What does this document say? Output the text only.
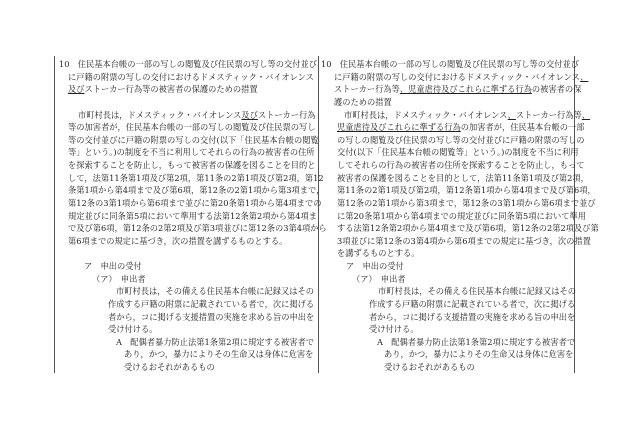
10　住民基本台帳の一部の写しの閲覧及び住民票の写し等の交付並び
に戸籍の附票の写しの交付におけるドメスティック・バイオレンス
及びストーカー行為等の被害者の保護のための措置
市町村長は，ドメスティック・バイオレンス及びストーカー行為
等の加害者が，住民基本台帳の一部の写しの閲覧及び住民票の写し
等の交付並びに戸籍の附票の写しの交付(以下「住民基本台帳の閲覧
等」という。)の制度を不当に利用してそれらの行為の被害者の住所
を探索することを防止し，もって被害者の保護を図ることを目的と
して，法第11条第1項及び第2項，第11条の2第1項及び第2項，第12
条第1項から第4項まで及び第6項，第12条の2第1項から第3項まで，
第12条の3第1項から第6項まで並びに第20条第1項から第4項までの
規定並びに同条第5項において準用する法第12条第2項から第4項ま
で及び第6項，第12条の2第2項及び第3項並びに第12条の3第4項から
第6項までの規定に基づき，次の措置を講ずるものとする。
ア　申出の受付
（ア）　申出者
市町村長は，その備える住民基本台帳に記録又はその
作成する戸籍の附票に記載されている者で，次に掲げる
者から，コに掲げる支援措置の実施を求める旨の申出を
受け付ける。
A　配偶者暴力防止法第1条第2項に規定する被害者で
あり，かつ，暴力によりその生命又は身体に危害を
受けるおそれがあるもの
10　住民基本台帳の一部の写しの閲覧及び住民票の写し等の交付並び
に戸籍の附票の写しの交付におけるドメスティック・バイオレンス、
ストーカー行為等、児童虐待及びこれらに準ずる行為の被害者の保
護のための措置
市町村長は，ドメスティック・バイオレンス、ストーカー行為等、
児童虐待及びこれらに準ずる行為の加害者が，住民基本台帳の一部
の写しの閲覧及び住民票の写し等の交付並びに戸籍の附票の写しの
交付(以下「住民基本台帳の閲覧等」という。)の制度を不当に利用
してそれらの行為の被害者の住所を探索することを防止し，もって
被害者の保護を図ることを目的として，法第11条第1項及び第2項，
第11条の2第1項及び第2項，第12条第1項から第4項まで及び第6項，
第12条の2第1項から第3項まで，第12条の3第1項から第6項まで並び
に第20条第1項から第4項までの規定並びに同条第5項において準用
する法第12条第2項から第4項まで及び第6項，第12条の2第2項及び第
3項並びに第12条の3第4項から第6項までの規定に基づき，次の措置
を講ずるものとする。
ア　申出の受付
（ア）　申出者
市町村長は，その備える住民基本台帳に記録又はその
作成する戸籍の附票に記載されている者で，次に掲げる
者から，コに掲げる支援措置の実施を求める旨の申出を
受け付ける。
A　配偶者暴力防止法第1条第2項に規定する被害者で
あり，かつ，暴力によりその生命又は身体に危害を
受けるおそれがあるもの
